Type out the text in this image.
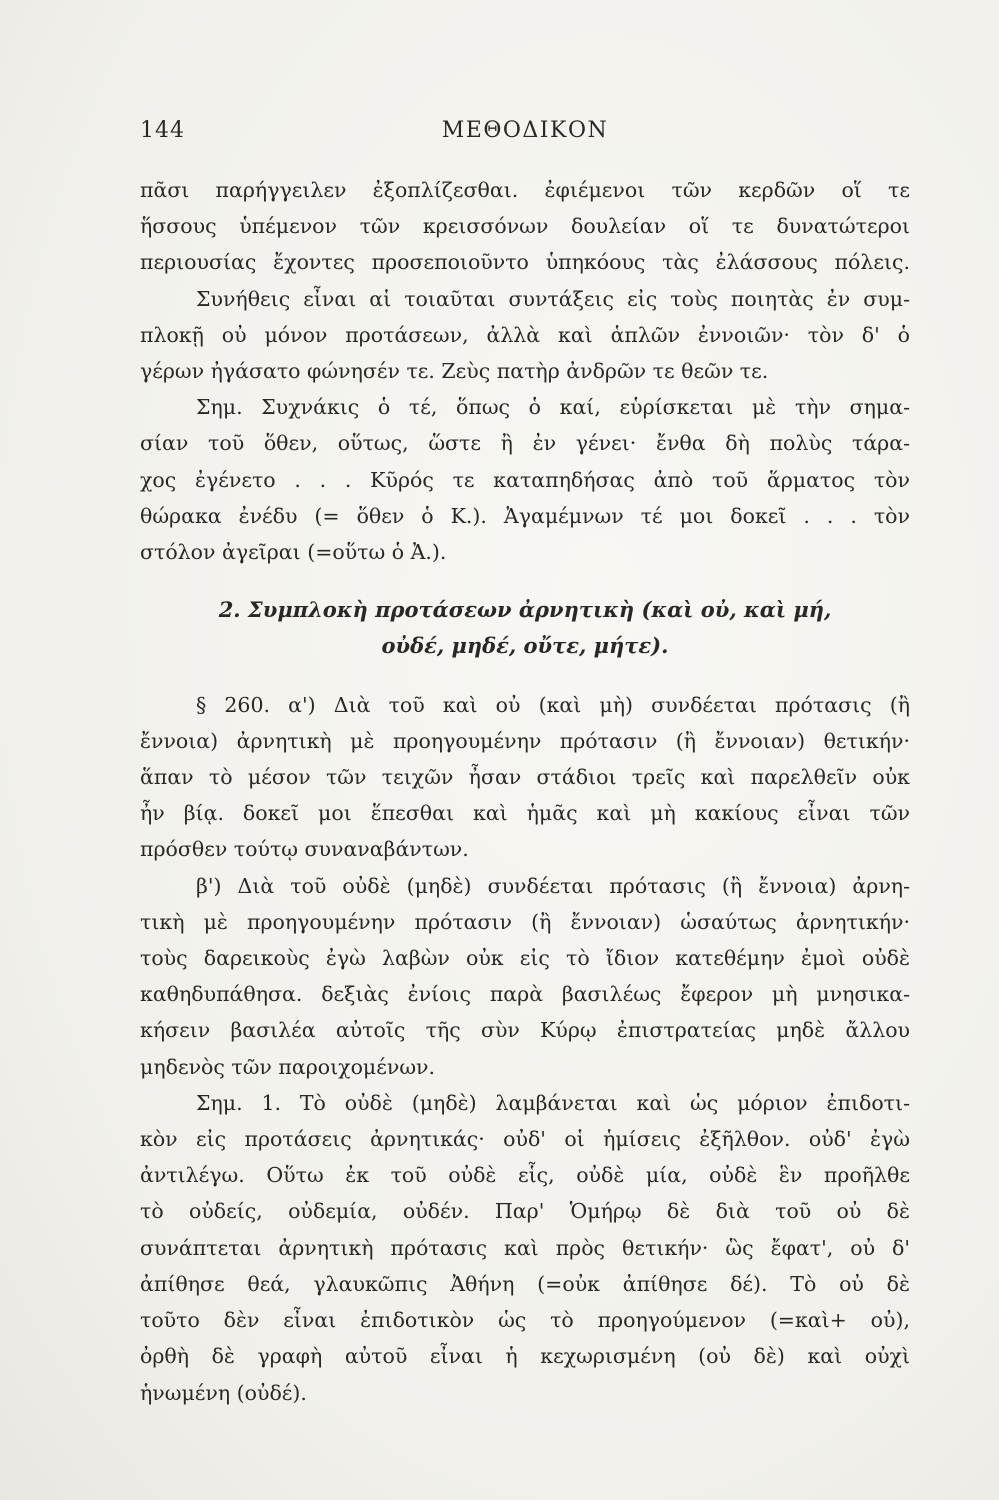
144	ΜΕΘΟΔΙΚΟΝ
πᾶσι παρήγγειλεν ἐξοπλίζεσθαι. ἐφιέμενοι τῶν κερδῶν οἵ τε
ἥσσους ὑπέμενον τῶν κρεισσόνων δουλείαν οἵ τε δυνατώτεροι
περιουσίας ἔχοντες προσεποιοῦντο ὑπηκόους τὰς ἐλάσσους πόλεις.
Συνήθεις εἶναι αἱ τοιαῦται συντάξεις εἰς τοὺς ποιητὰς ἐν συμ-
πλοκῇ οὐ μόνον προτάσεων, ἀλλὰ καὶ ἁπλῶν ἐννοιῶν· τὸν δ' ὁ
γέρων ἠγάσατο φώνησέν τε. Ζεὺς πατὴρ ἀνδρῶν τε θεῶν τε.
Σημ. Συχνάκις ὁ τέ, ὅπως ὁ καί, εὑρίσκεται μὲ τὴν σημα-
σίαν τοῦ ὅθεν, οὕτως, ὥστε ἢ ἐν γένει· ἔνθα δὴ πολὺς τάρα-
χος ἐγένετο . . . Κῦρός τε καταπηδήσας ἀπὸ τοῦ ἅρματος τὸν
θώρακα ἐνέδυ (= ὅθεν ὁ Κ.). Ἀγαμέμνων τέ μοι δοκεῖ . . . τὸν
στόλον ἀγεῖραι (=οὕτω ὁ Ἀ.).
2. Συμπλοκὴ προτάσεων ἀρνητικὴ (καὶ οὐ, καὶ μή,
οὐδέ, μηδέ, οὔτε, μήτε).
§ 260. α') Διὰ τοῦ καὶ οὐ (καὶ μὴ) συνδέεται πρότασις (ἢ
ἔννοια) ἀρνητικὴ μὲ προηγουμένην πρότασιν (ἢ ἔννοιαν) θετικήν·
ἅπαν τὸ μέσον τῶν τειχῶν ἦσαν στάδιοι τρεῖς καὶ παρελθεῖν οὐκ
ἦν βίᾳ. δοκεῖ μοι ἕπεσθαι καὶ ἡμᾶς καὶ μὴ κακίους εἶναι τῶν
πρόσθεν τούτῳ συναναβάντων.
β') Διὰ τοῦ οὐδὲ (μηδὲ) συνδέεται πρότασις (ἢ ἔννοια) ἀρνη-
τικὴ μὲ προηγουμένην πρότασιν (ἢ ἔννοιαν) ὡσαύτως ἀρνητικήν·
τοὺς δαρεικοὺς ἐγὼ λαβὼν οὐκ εἰς τὸ ἴδιον κατεθέμην ἐμοὶ οὐδὲ
καθηδυπάθησα. δεξιὰς ἐνίοις παρὰ βασιλέως ἔφερον μὴ μνησικα-
κήσειν βασιλέα αὐτοῖς τῆς σὺν Κύρῳ ἐπιστρατείας μηδὲ ἄλλου
μηδενὸς τῶν παροιχομένων.
Σημ. 1. Τὸ οὐδὲ (μηδὲ) λαμβάνεται καὶ ὡς μόριον ἐπιδοτι-
κὸν εἰς προτάσεις ἀρνητικάς· οὐδ' οἱ ἡμίσεις ἐξῆλθον. οὐδ' ἐγὼ
ἀντιλέγω. Οὕτω ἐκ τοῦ οὐδὲ εἷς, οὐδὲ μία, οὐδὲ ἓν προῆλθε
τὸ οὐδείς, οὐδεμία, οὐδέν. Παρ' Ὁμήρῳ δὲ διὰ τοῦ οὐ δὲ
συνάπτεται ἀρνητικὴ πρότασις καὶ πρὸς θετικήν· ὣς ἔφατ', οὐ δ'
ἀπίθησε θεά, γλαυκῶπις Ἀθήνη (=οὐκ ἀπίθησε δέ). Τὸ οὐ δὲ
τοῦτο δὲν εἶναι ἐπιδοτικὸν ὡς τὸ προηγούμενον (=καὶ+ οὐ),
ὀρθὴ δὲ γραφὴ αὐτοῦ εἶναι ἡ κεχωρισμένη (οὐ δὲ) καὶ οὐχὶ
ἡνωμένη (οὐδέ).
